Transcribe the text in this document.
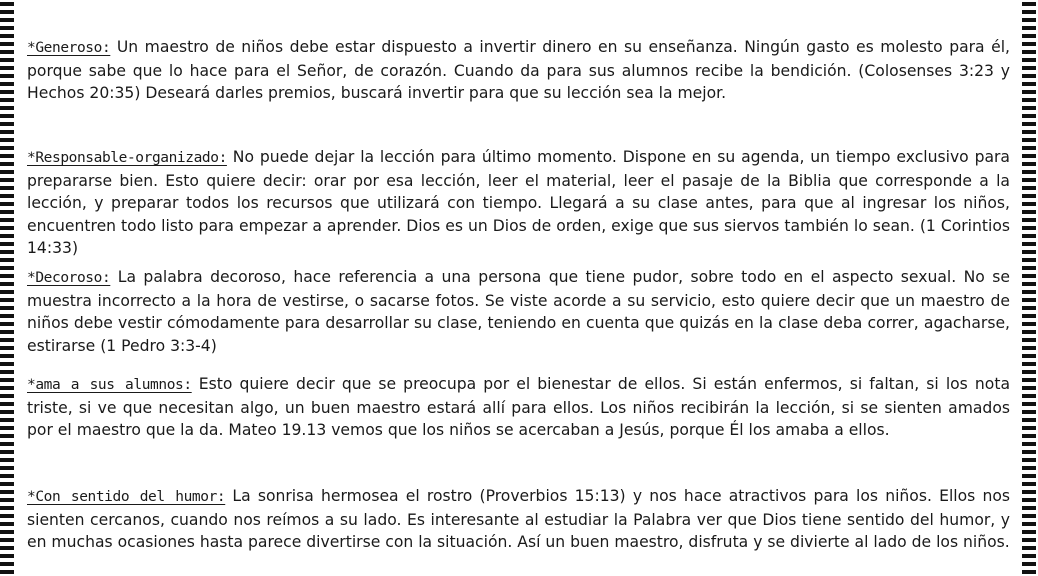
*Generoso: Un maestro de niños debe estar dispuesto a invertir dinero en su enseñanza. Ningún gasto es molesto para él, porque sabe que lo hace para el Señor, de corazón. Cuando da para sus alumnos recibe la bendición. (Colosenses 3:23 y Hechos 20:35) Deseará darles premios, buscará invertir para que su lección sea la mejor.
*Responsable-organizado: No puede dejar la lección para último momento. Dispone en su agenda, un tiempo exclusivo para prepararse bien. Esto quiere decir: orar por esa lección, leer el material, leer el pasaje de la Biblia que corresponde a la lección, y preparar todos los recursos que utilizará con tiempo. Llegará a su clase antes, para que al ingresar los niños, encuentren todo listo para empezar a aprender. Dios es un Dios de orden, exige que sus siervos también lo sean. (1 Corintios 14:33)
*Decoroso: La palabra decoroso, hace referencia a una persona que tiene pudor, sobre todo en el aspecto sexual. No se muestra incorrecto a la hora de vestirse, o sacarse fotos. Se viste acorde a su servicio, esto quiere decir que un maestro de niños debe vestir cómodamente para desarrollar su clase, teniendo en cuenta que quizás en la clase deba correr, agacharse, estirarse (1 Pedro 3:3-4)
*ama a sus alumnos: Esto quiere decir que se preocupa por el bienestar de ellos. Si están enfermos, si faltan, si los nota triste, si ve que necesitan algo, un buen maestro estará allí para ellos. Los niños recibirán la lección, si se sienten amados por el maestro que la da. Mateo 19.13 vemos que los niños se acercaban a Jesús, porque Él los amaba a ellos.
*Con sentido del humor: La sonrisa hermosea el rostro (Proverbios 15:13) y nos hace atractivos para los niños. Ellos nos sienten cercanos, cuando nos reímos a su lado. Es interesante al estudiar la Palabra ver que Dios tiene sentido del humor, y en muchas ocasiones hasta parece divertirse con la situación. Así un buen maestro, disfruta y se divierte al lado de los niños.
